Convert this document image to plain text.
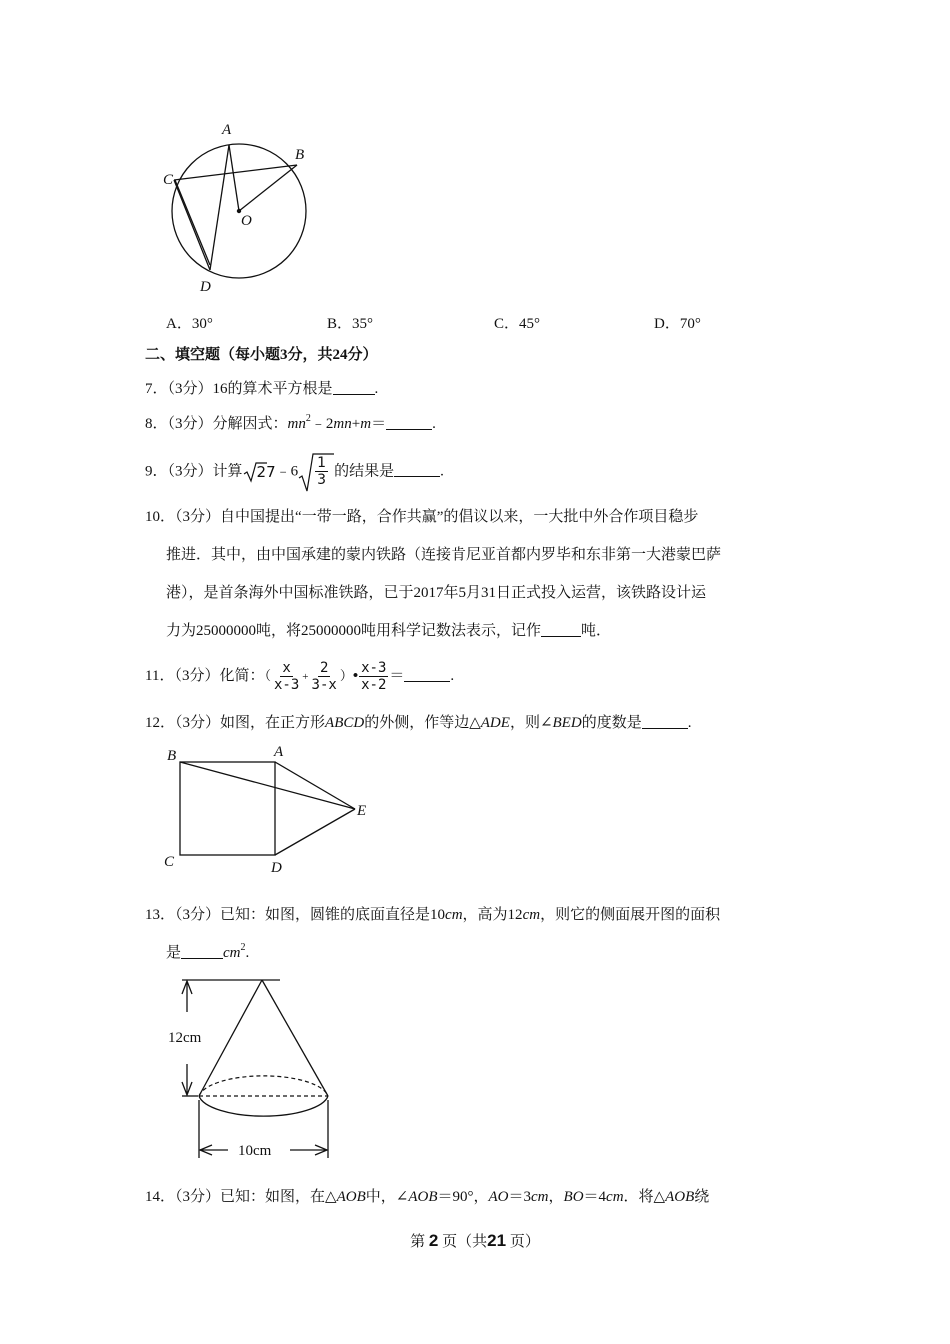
A
B
C
D
O
A．30°	B．35°	C．45°	D．70°
二、填空题（每小题3分，共24分）
7．（3分）16的算术平方根是	.
8．（3分）分解因式：$mn^2﹣2mn+m=$	.
9．（3分）计算 27﹣6 $\frac{1}{3}$ 的结果是	.
10．（3分）自中国提出“一带一路，合作共赢”的倡议以来，一大批中外合作项目稳步
推进．其中，由中国承建的蒙内铁路（连接肯尼亚首都内罗毕和东非第一大港蒙巴萨
港），是首条海外中国标准铁路，已于2017年5月31日正式投入运营，该铁路设计运
力为25000000吨，将25000000吨用科学记数法表示，记作	吨．
11．（3分）化简：（ $\frac{x}{x-3} + \frac{2}{3-x}$ ）• $\frac{x-3}{x-2}$ ＝	.
12．（3分）如图，在正方形ABCD的外侧，作等边△ADE，则∠BED的度数是	.
B	A
E
C	D
13．（3分）已知：如图，圆锥的底面直径是10cm，高为12cm，则它的侧面展开图的面积
是	$cm^2$.
12cm
10cm
14．（3分）已知：如图，在△AOB中，∠AOB＝90°，AO＝3cm，BO＝4cm．将△AOB绕
第 2 页（共21 页）
